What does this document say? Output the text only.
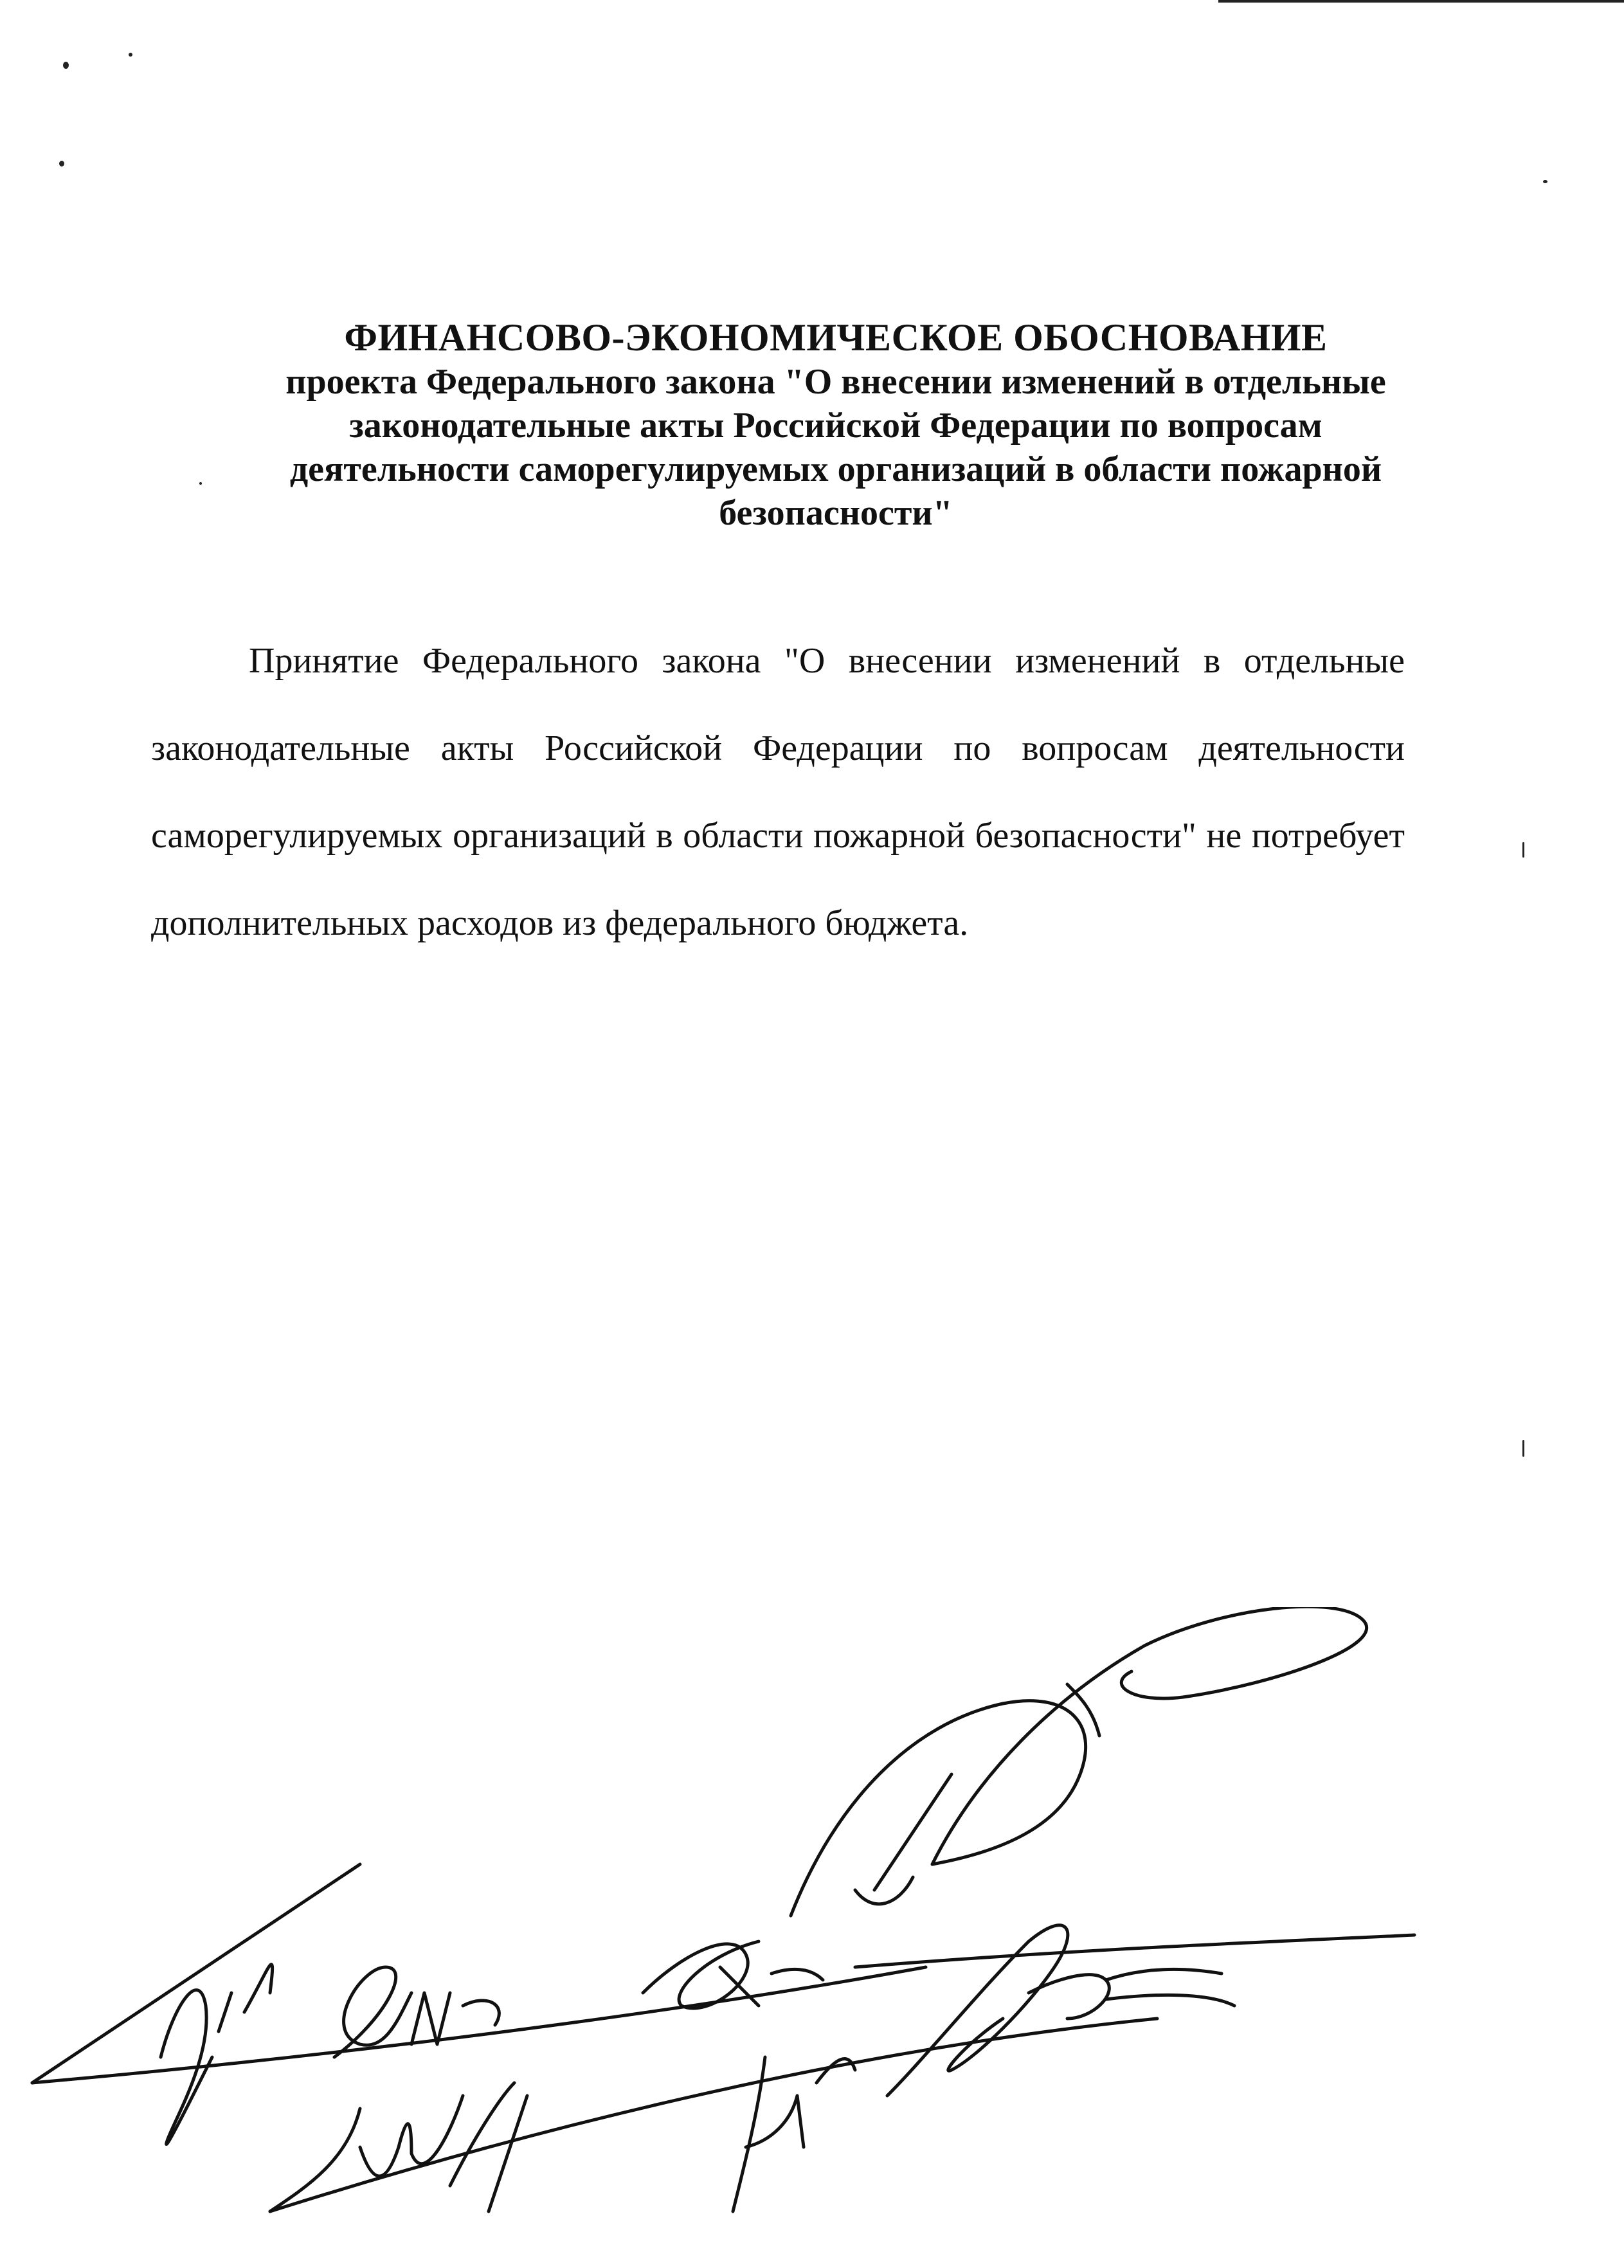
ФИНАНСОВО-ЭКОНОМИЧЕСКОЕ ОБОСНОВАНИЕ
проекта Федерального закона "О внесении изменений в отдельные законодательные акты Российской Федерации по вопросам деятельности саморегулируемых организаций в области пожарной безопасности"
Принятие Федерального закона "О внесении изменений в отдельные законодательные акты Российской Федерации по вопросам деятельности саморегулируемых организаций в области пожарной безопасности" не потребует дополнительных расходов из федерального бюджета.
